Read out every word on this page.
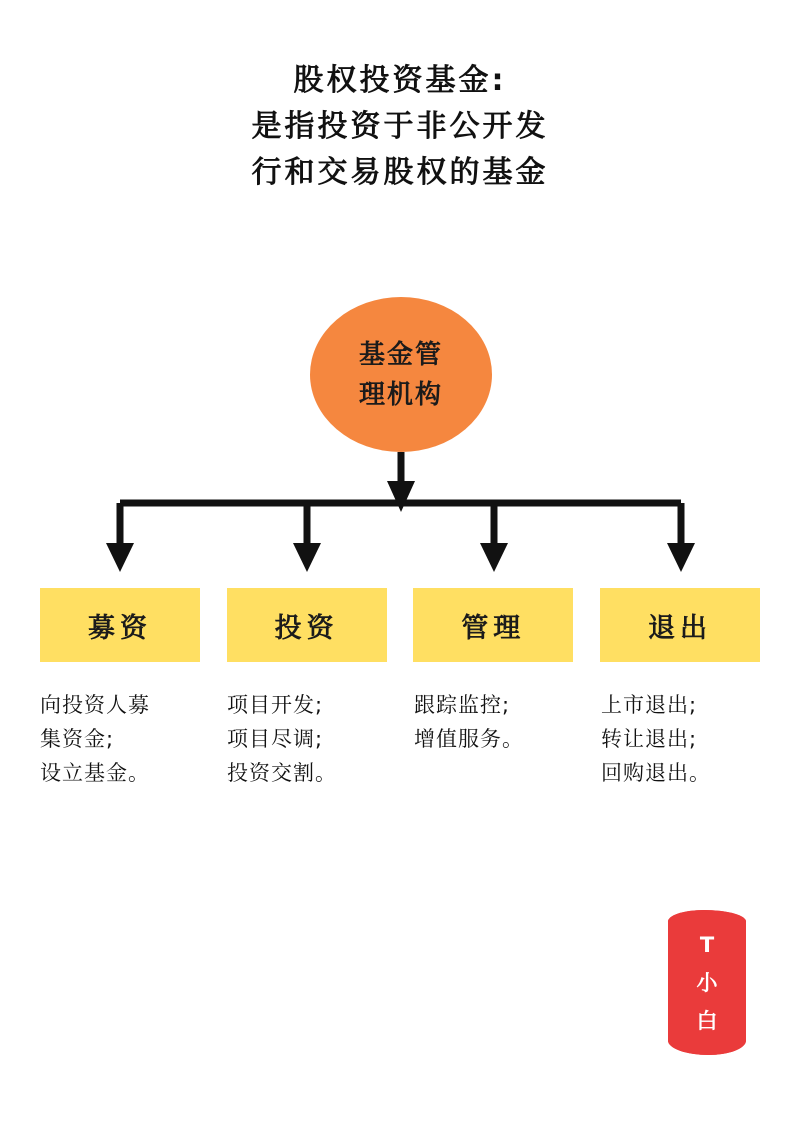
股权投资基金:
是指投资于非公开发
行和交易股权的基金
基金管
理机构
募资	投资	管理	退出
向投资人募
集资金;
设立基金。
项目开发;
项目尽调;
投资交割。
跟踪监控;
增值服务。
上市退出;
转让退出;
回购退出。
T
小
白
